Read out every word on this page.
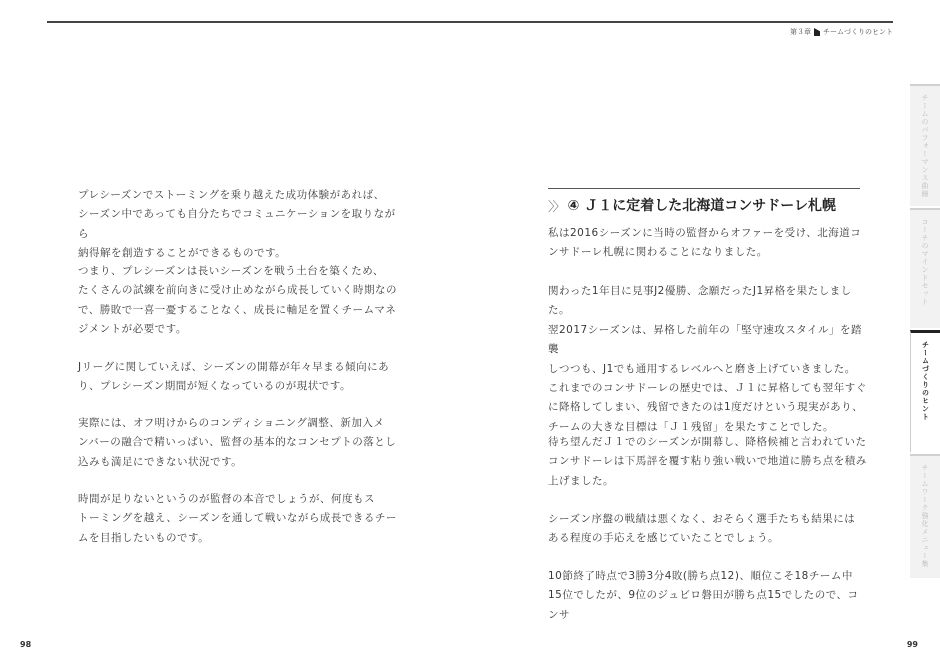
第３章 チームづくりのヒント

プレシーズンでストーミングを乗り越えた成功体験があれば、
シーズン中であっても自分たちでコミュニケーションを取りながら
納得解を創造することができるものです。

つまり、プレシーズンは長いシーズンを戦う土台を築くため、
たくさんの試練を前向きに受け止めながら成長していく時期なの
で、勝敗で一喜一憂することなく、成長に軸足を置くチームマネ
ジメントが必要です。

Jリーグに関していえば、シーズンの開幕が年々早まる傾向にあ
り、プレシーズン期間が短くなっているのが現状です。

実際には、オフ明けからのコンディショニング調整、新加入メ
ンバーの融合で精いっぱい、監督の基本的なコンセプトの落とし
込みも満足にできない状況です。

時間が足りないというのが監督の本音でしょうが、何度もス
トーミングを越え、シーズンを通して戦いながら成長できるチー
ムを目指したいものです。

〉〉 ④ Ｊ１に定着した北海道コンサドーレ札幌

私は2016シーズンに当時の監督からオファーを受け、北海道コ
ンサドーレ札幌に関わることになりました。

関わった1年目に見事J2優勝、念願だったJ1昇格を果たしまし
た。
翌2017シーズンは、昇格した前年の「堅守速攻スタイル」を踏襲
しつつも、J1でも通用するレベルへと磨き上げていきました。
これまでのコンサドーレの歴史では、Ｊ１に昇格しても翌年すぐ
に降格してしまい、残留できたのは1度だけという現実があり、
チームの大きな目標は「Ｊ１残留」を果たすことでした。

待ち望んだＪ１でのシーズンが開幕し、降格候補と言われていた
コンサドーレは下馬評を覆す粘り強い戦いで地道に勝ち点を積み
上げました。

シーズン序盤の戦績は悪くなく、おそらく選手たちも結果には
ある程度の手応えを感じていたことでしょう。

10節終了時点で3勝3分4敗(勝ち点12)、順位こそ18チーム中
15位でしたが、9位のジュビロ磐田が勝ち点15でしたので、コンサ

98	99
チームのパフォーマンス曲線
コーチのマインドセット
チームづくりのヒント
チームワーク強化メニュー集
